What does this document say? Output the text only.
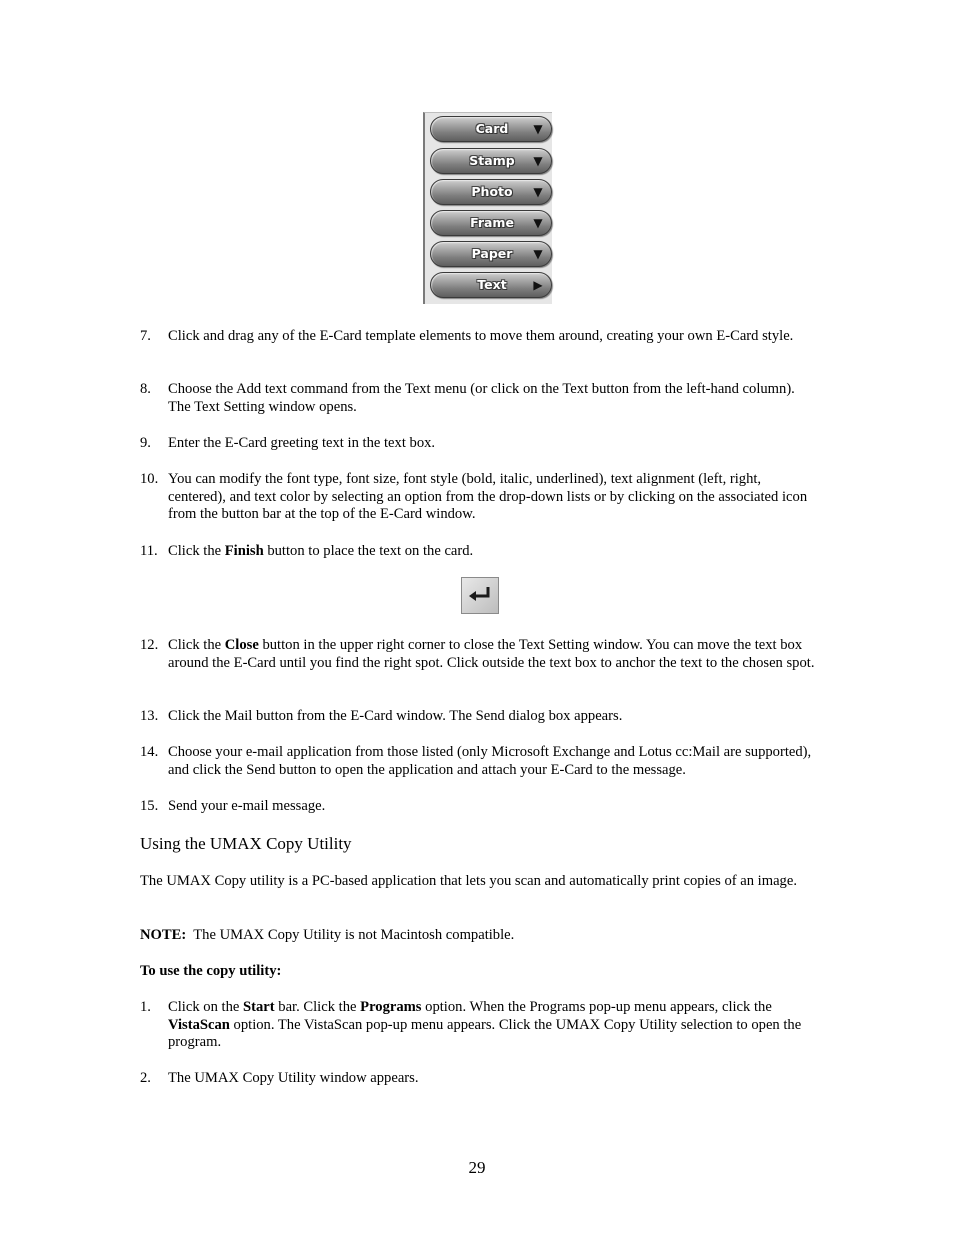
Card	▼
Stamp	▼
Photo	▼
Frame	▼
Paper	▼
Text	▶
7. Click and drag any of the E-Card template elements to move them around, creating your own E-Card style.
8. Choose the Add text command from the Text menu (or click on the Text button from the left-hand column). The Text Setting window opens.
9. Enter the E-Card greeting text in the text box.
10. You can modify the font type, font size, font style (bold, italic, underlined), text alignment (left, right, centered), and text color by selecting an option from the drop-down lists or by clicking on the associated icon from the button bar at the top of the E-Card window.
11. Click the Finish button to place the text on the card.
12. Click the Close button in the upper right corner to close the Text Setting window. You can move the text box around the E-Card until you find the right spot. Click outside the text box to anchor the text to the chosen spot.
13. Click the Mail button from the E-Card window. The Send dialog box appears.
14. Choose your e-mail application from those listed (only Microsoft Exchange and Lotus cc:Mail are supported), and click the Send button to open the application and attach your E-Card to the message.
15. Send your e-mail message.
Using the UMAX Copy Utility
The UMAX Copy utility is a PC-based application that lets you scan and automatically print copies of an image.
NOTE:  The UMAX Copy Utility is not Macintosh compatible.
To use the copy utility:
1. Click on the Start bar. Click the Programs option. When the Programs pop-up menu appears, click the VistaScan option. The VistaScan pop-up menu appears. Click the UMAX Copy Utility selection to open the program.
2. The UMAX Copy Utility window appears.
29
